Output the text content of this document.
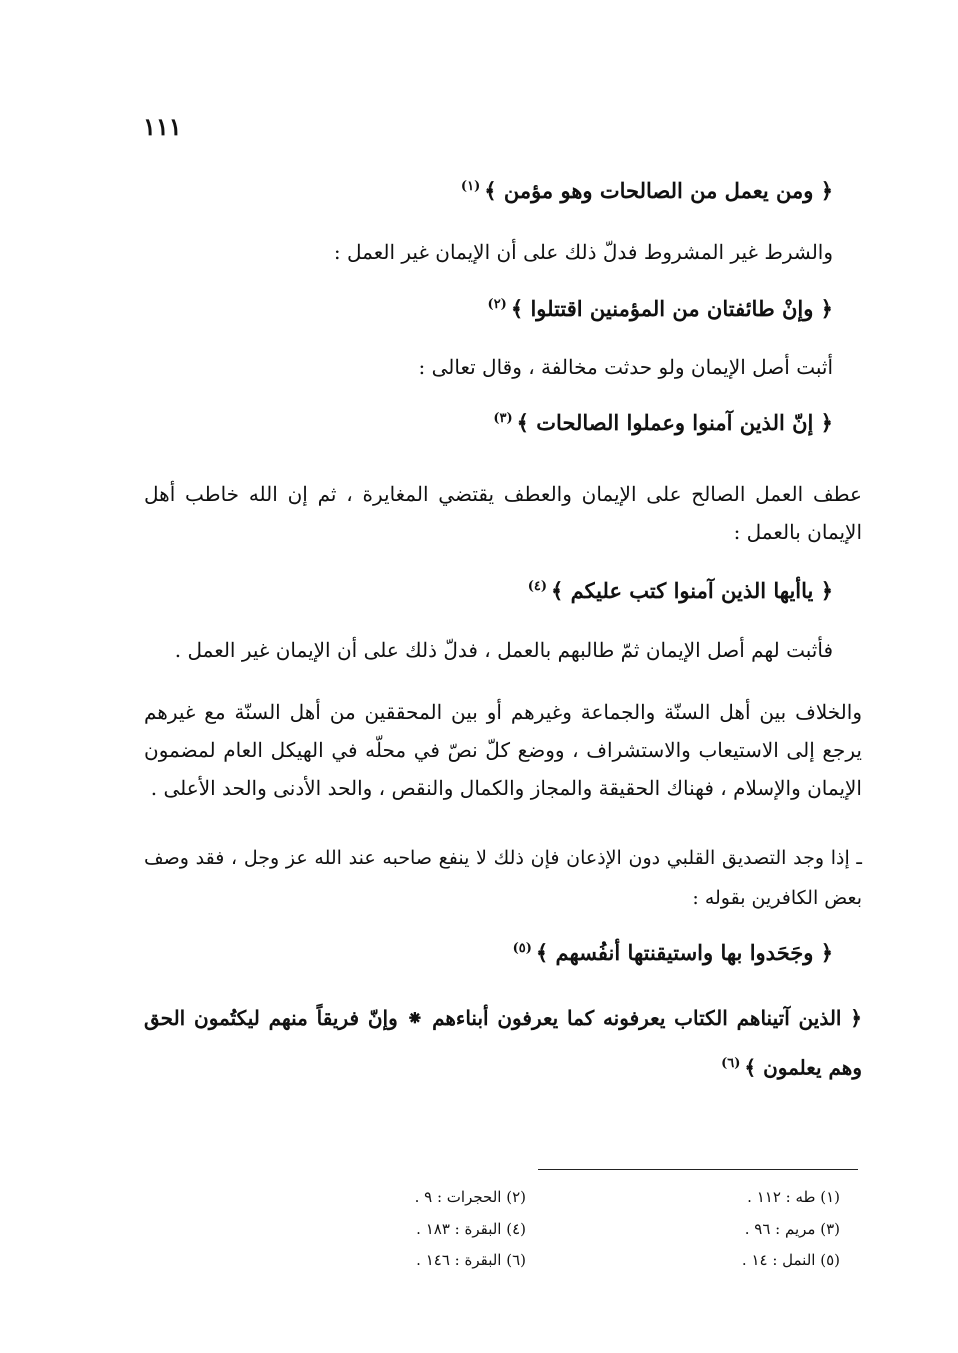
١١١
﴿ ومن يعمل من الصالحات وهو مؤمن ﴾$^{(١)}$
والشرط غير المشروط فدلّ ذلك على أن الإيمان غير العمل :
﴿ وإنْ طائفتان من المؤمنين اقتتلوا ﴾$^{(٢)}$
أثبت أصل الإيمان ولو حدثت مخالفة ، وقال تعالى :
﴿ إنّ الذين آمنوا وعملوا الصالحات ﴾$^{(٣)}$
عطف العمل الصالح على الإيمان والعطف يقتضي المغايرة ، ثم إن الله خاطب أهل الإيمان بالعمل :
﴿ ياأيها الذين آمنوا كتب عليكم ﴾$^{(٤)}$
فأثبت لهم أصل الإيمان ثمّ طالبهم بالعمل ، فدلّ ذلك على أن الإيمان غير العمل .
والخلاف بين أهل السنّة والجماعة وغيرهم أو بين المحققين من أهل السنّة مع غيرهم يرجع إلى الاستيعاب والاستشراف ، ووضع كلّ نصّ في محلّه في الهيكل العام لمضمون الإيمان والإسلام ، فهناك الحقيقة والمجاز والكمال والنقص ، والحد الأدنى والحد الأعلى .
ـ إذا وجد التصديق القلبي دون الإذعان فإن ذلك لا ينفع صاحبه عند الله عز وجل ، فقد وصف بعض الكافرين بقوله :
﴿ وجَحَدوا بها واستيقنتها أنفُسهم ﴾$^{(٥)}$
﴿ الذين آتيناهم الكتاب يعرفونه كما يعرفون أبناءهم ⁕ وإنّ فريقاً منهم ليكتُمون الحق وهم يعلمون ﴾$^{(٦)}$
(١) طه : ١١٢ .
(٢) الحجرات : ٩ .
(٣) مريم : ٩٦ .
(٤) البقرة : ١٨٣ .
(٥) النمل : ١٤ .
(٦) البقرة : ١٤٦ .
